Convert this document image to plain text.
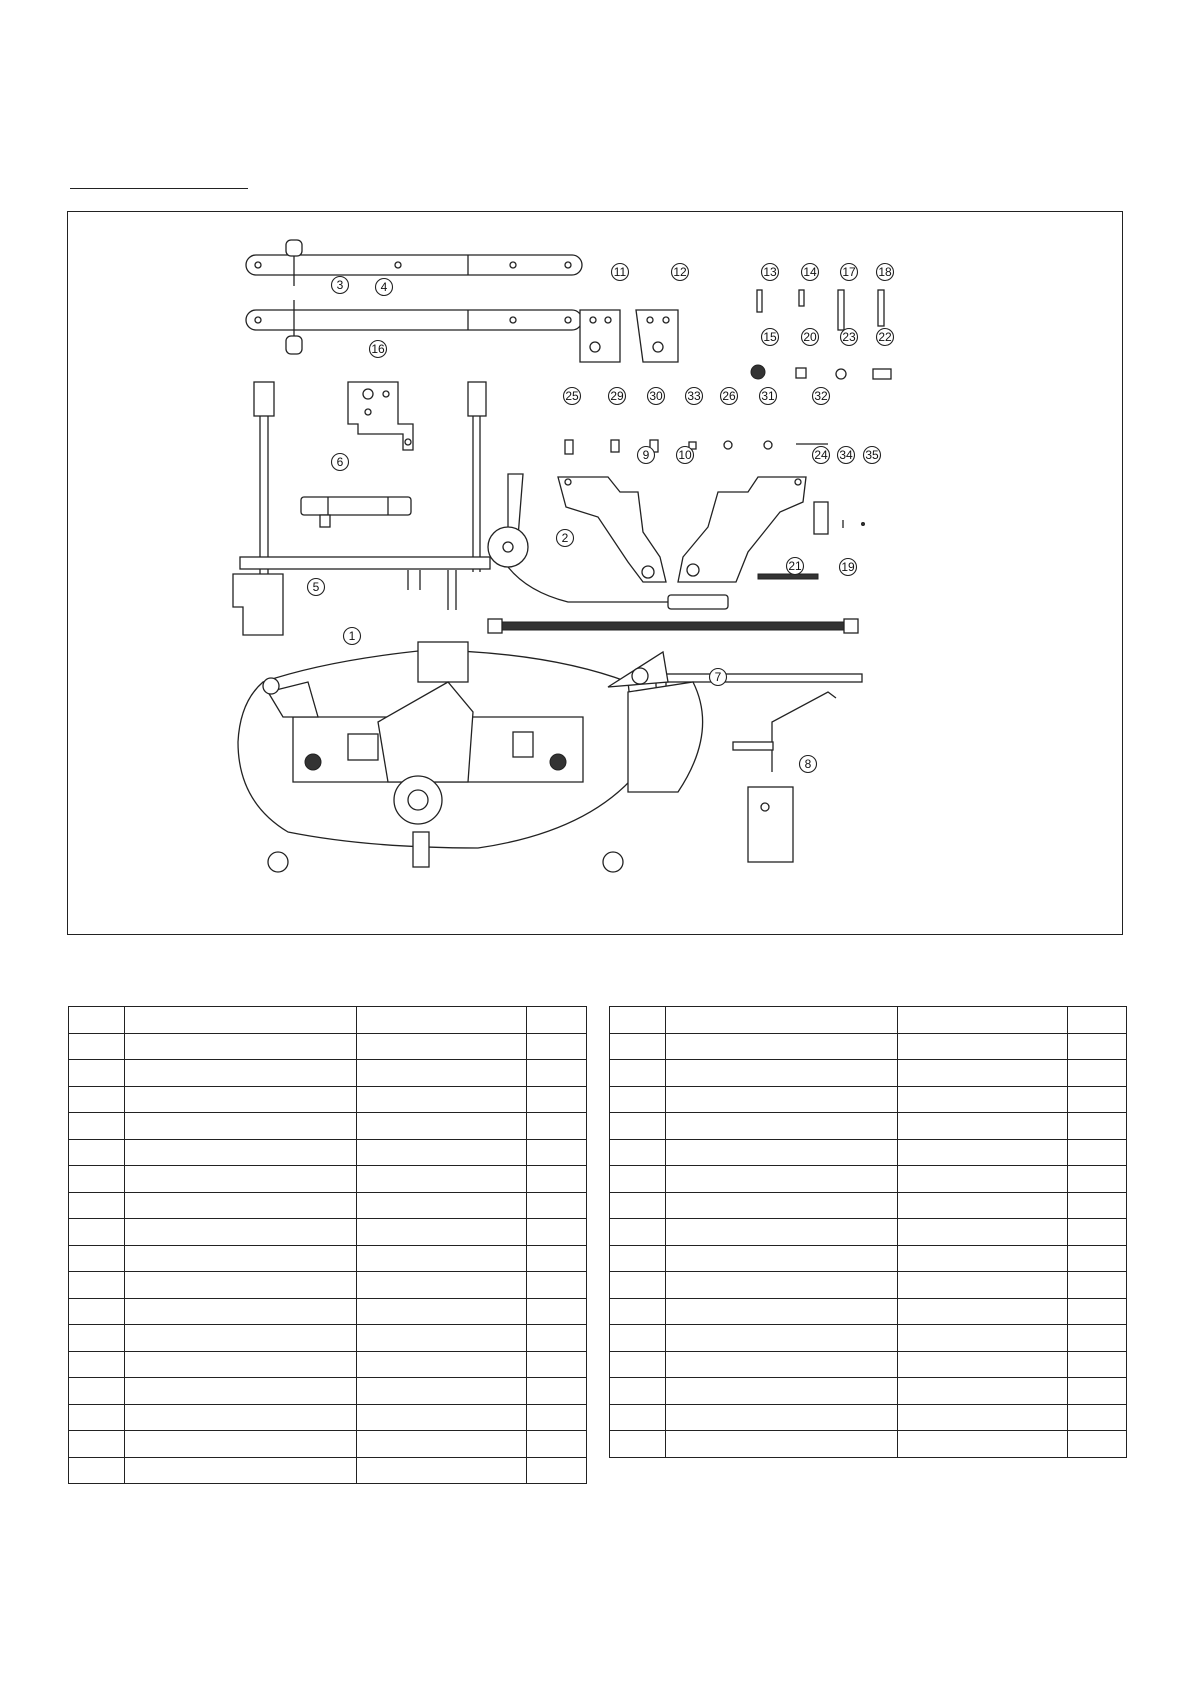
1
2
3	4
5
6
7
8
9 10
11	12	13 14
15
16
17 18
19
20
21
22
23
24
25	26
29 30	31	32
33
34 35
